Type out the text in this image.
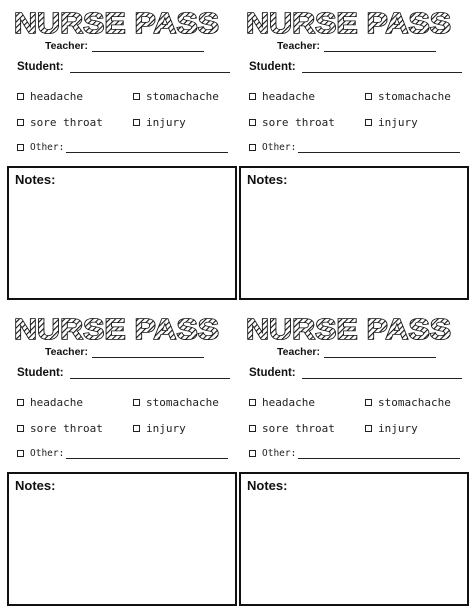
NURSE PASS
Teacher:
Student:
headache	stomachache
sore throat	injury
Other:
Notes:
NURSE PASS
Teacher:
Student:
headache	stomachache
sore throat	injury
Other:
Notes:
NURSE PASS
Teacher:
Student:
headache	stomachache
sore throat	injury
Other:
Notes:
NURSE PASS
Teacher:
Student:
headache	stomachache
sore throat	injury
Other:
Notes:
